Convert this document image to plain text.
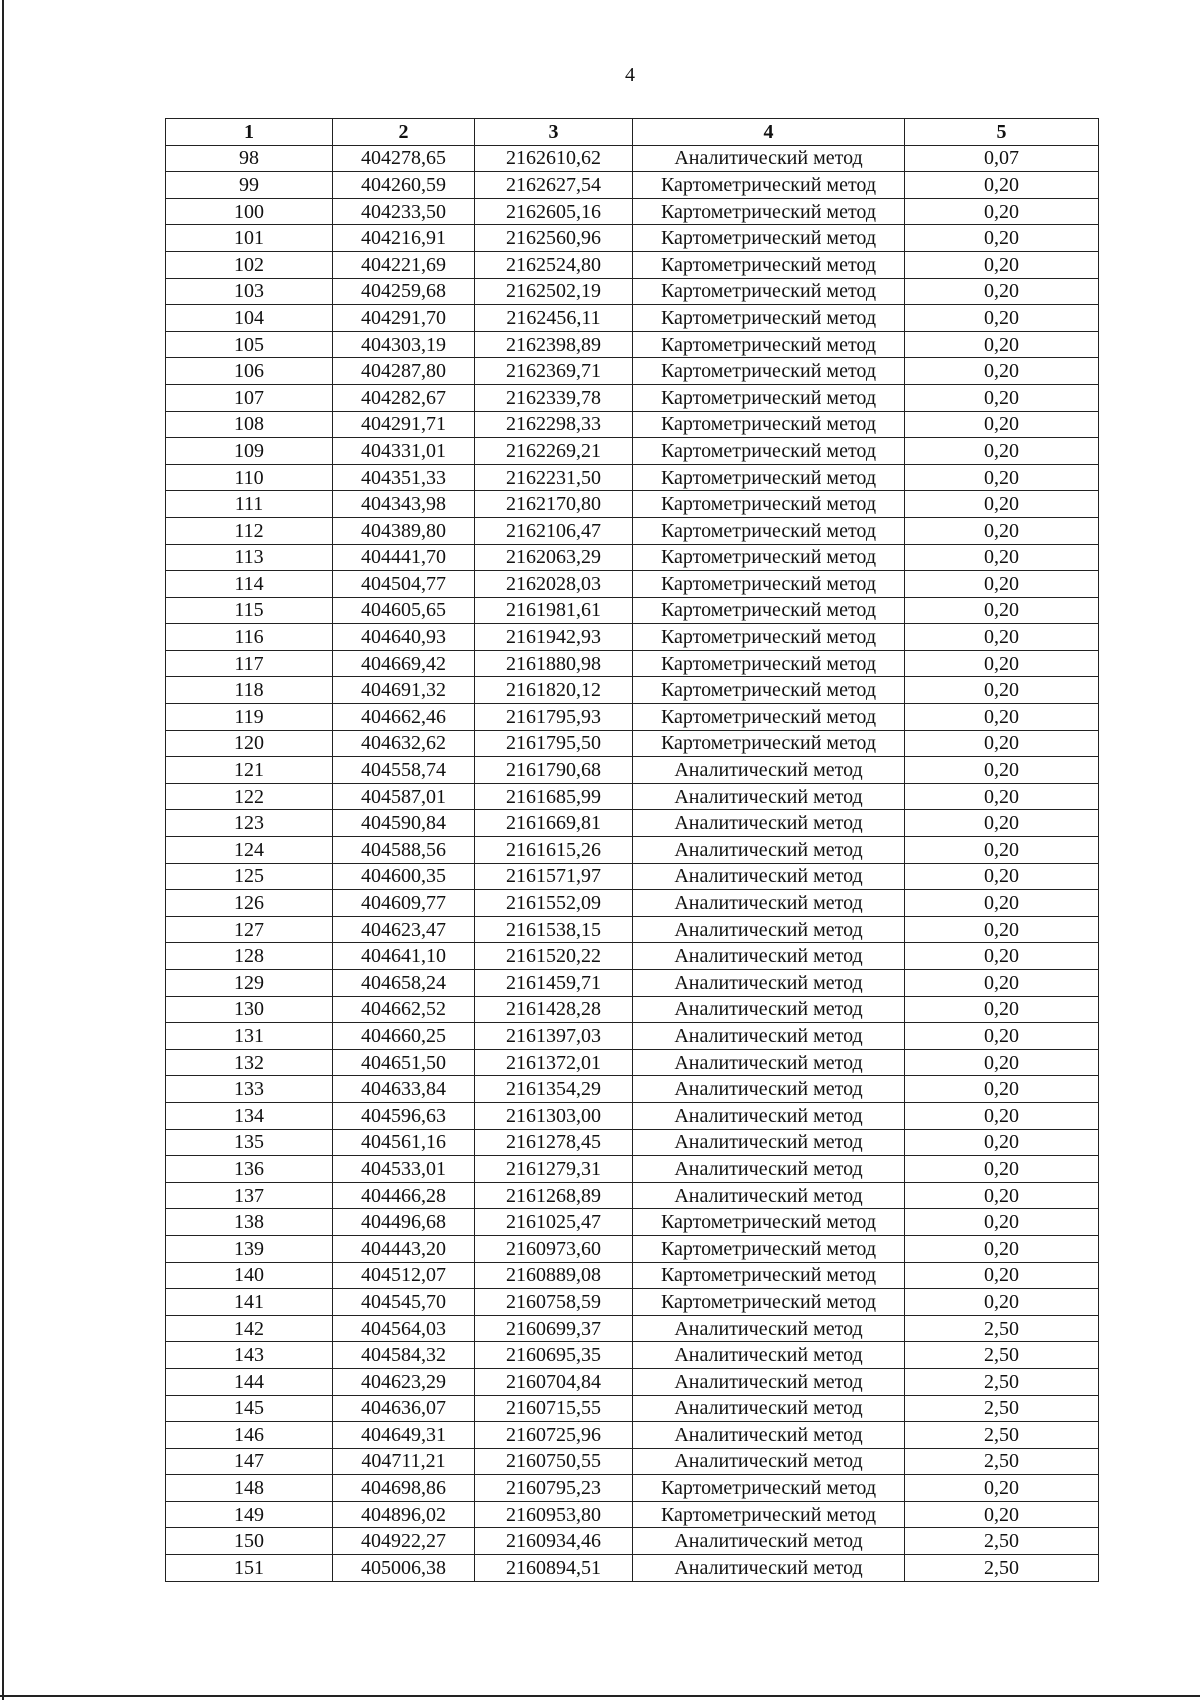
4
1	2	3	4	5
98	404278,65	2162610,62	Аналитический метод	0,07
99	404260,59	2162627,54	Картометрический метод	0,20
100	404233,50	2162605,16	Картометрический метод	0,20
101	404216,91	2162560,96	Картометрический метод	0,20
102	404221,69	2162524,80	Картометрический метод	0,20
103	404259,68	2162502,19	Картометрический метод	0,20
104	404291,70	2162456,11	Картометрический метод	0,20
105	404303,19	2162398,89	Картометрический метод	0,20
106	404287,80	2162369,71	Картометрический метод	0,20
107	404282,67	2162339,78	Картометрический метод	0,20
108	404291,71	2162298,33	Картометрический метод	0,20
109	404331,01	2162269,21	Картометрический метод	0,20
110	404351,33	2162231,50	Картометрический метод	0,20
111	404343,98	2162170,80	Картометрический метод	0,20
112	404389,80	2162106,47	Картометрический метод	0,20
113	404441,70	2162063,29	Картометрический метод	0,20
114	404504,77	2162028,03	Картометрический метод	0,20
115	404605,65	2161981,61	Картометрический метод	0,20
116	404640,93	2161942,93	Картометрический метод	0,20
117	404669,42	2161880,98	Картометрический метод	0,20
118	404691,32	2161820,12	Картометрический метод	0,20
119	404662,46	2161795,93	Картометрический метод	0,20
120	404632,62	2161795,50	Картометрический метод	0,20
121	404558,74	2161790,68	Аналитический метод	0,20
122	404587,01	2161685,99	Аналитический метод	0,20
123	404590,84	2161669,81	Аналитический метод	0,20
124	404588,56	2161615,26	Аналитический метод	0,20
125	404600,35	2161571,97	Аналитический метод	0,20
126	404609,77	2161552,09	Аналитический метод	0,20
127	404623,47	2161538,15	Аналитический метод	0,20
128	404641,10	2161520,22	Аналитический метод	0,20
129	404658,24	2161459,71	Аналитический метод	0,20
130	404662,52	2161428,28	Аналитический метод	0,20
131	404660,25	2161397,03	Аналитический метод	0,20
132	404651,50	2161372,01	Аналитический метод	0,20
133	404633,84	2161354,29	Аналитический метод	0,20
134	404596,63	2161303,00	Аналитический метод	0,20
135	404561,16	2161278,45	Аналитический метод	0,20
136	404533,01	2161279,31	Аналитический метод	0,20
137	404466,28	2161268,89	Аналитический метод	0,20
138	404496,68	2161025,47	Картометрический метод	0,20
139	404443,20	2160973,60	Картометрический метод	0,20
140	404512,07	2160889,08	Картометрический метод	0,20
141	404545,70	2160758,59	Картометрический метод	0,20
142	404564,03	2160699,37	Аналитический метод	2,50
143	404584,32	2160695,35	Аналитический метод	2,50
144	404623,29	2160704,84	Аналитический метод	2,50
145	404636,07	2160715,55	Аналитический метод	2,50
146	404649,31	2160725,96	Аналитический метод	2,50
147	404711,21	2160750,55	Аналитический метод	2,50
148	404698,86	2160795,23	Картометрический метод	0,20
149	404896,02	2160953,80	Картометрический метод	0,20
150	404922,27	2160934,46	Аналитический метод	2,50
151	405006,38	2160894,51	Аналитический метод	2,50
